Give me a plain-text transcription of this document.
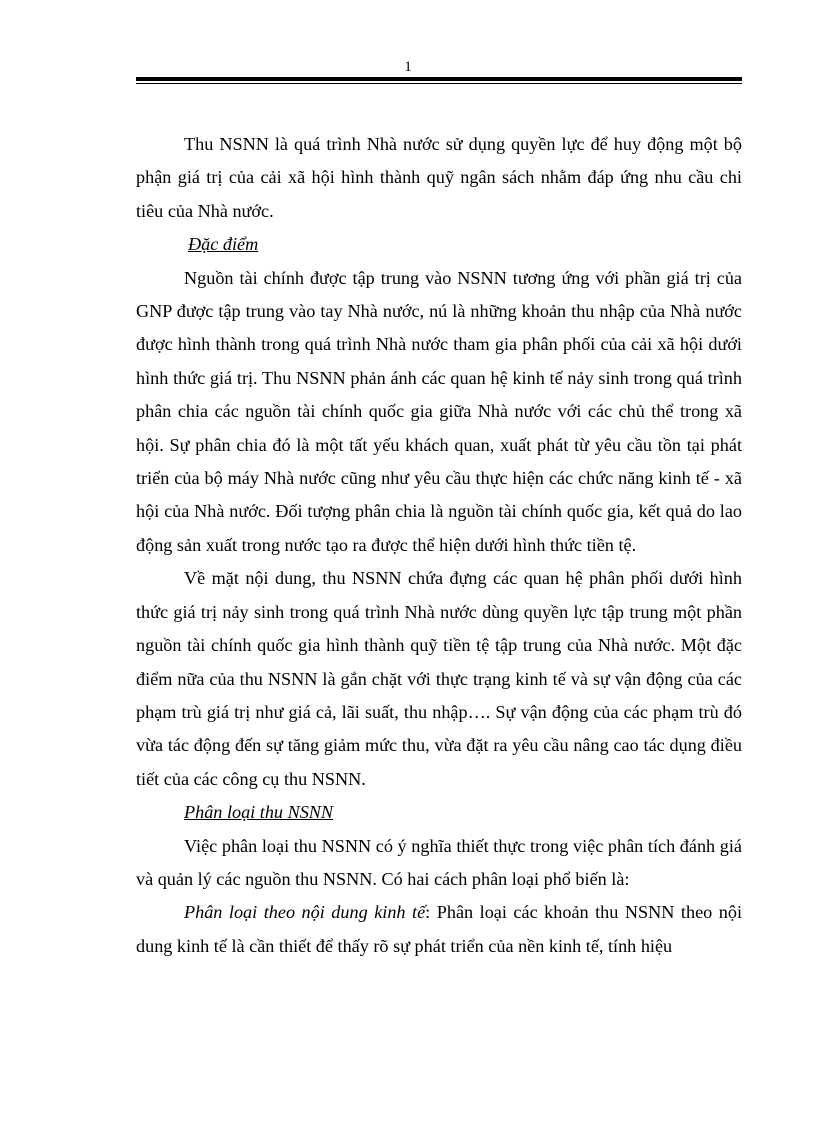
1

Thu NSNN là quá trình Nhà nước sử dụng quyền lực để huy động một bộ phận giá trị của cải xã hội hình thành quỹ ngân sách nhằm đáp ứng nhu cầu chi tiêu của Nhà nước.

Đặc điểm

Nguồn tài chính được tập trung vào NSNN tương ứng với phần giá trị của GNP được tập trung vào tay Nhà nước, nú là những khoản thu nhập của Nhà nước được hình thành trong quá trình Nhà nước tham gia phân phối của cải xã hội dưới hình thức giá trị. Thu NSNN phản ánh các quan hệ kinh tế nảy sinh trong quá trình phân chia các nguồn tài chính quốc gia giữa Nhà nước với các chủ thể trong xã hội. Sự phân chia đó là một tất yếu khách quan, xuất phát từ yêu cầu tồn tại phát triển của bộ máy Nhà nước cũng như yêu cầu thực hiện các chức năng kinh tế - xã hội của Nhà nước. Đối tượng phân chia là nguồn tài chính quốc gia, kết quả do lao động sản xuất trong nước tạo ra được thể hiện dưới hình thức tiền tệ.

Về mặt nội dung, thu NSNN chứa đựng các quan hệ phân phối dưới hình thức giá trị nảy sinh trong quá trình Nhà nước dùng quyền lực tập trung một phần nguồn tài chính quốc gia hình thành quỹ tiền tệ tập trung của Nhà nước. Một đặc điểm nữa của thu NSNN là gắn chặt với thực trạng kinh tế và sự vận động của các phạm trù giá trị như giá cả, lãi suất, thu nhập…. Sự vận động của các phạm trù đó vừa tác động đến sự tăng giảm mức thu, vừa đặt ra yêu cầu nâng cao tác dụng điều tiết của các công cụ thu NSNN.

Phân loại thu NSNN

Việc phân loại thu NSNN có ý nghĩa thiết thực trong việc phân tích đánh giá và quản lý các nguồn thu NSNN. Có hai cách phân loại phổ biến là:

Phân loại theo nội dung kinh tế: Phân loại các khoản thu NSNN theo nội dung kinh tế là cần thiết để thấy rõ sự phát triển của nền kinh tế, tính hiệu
